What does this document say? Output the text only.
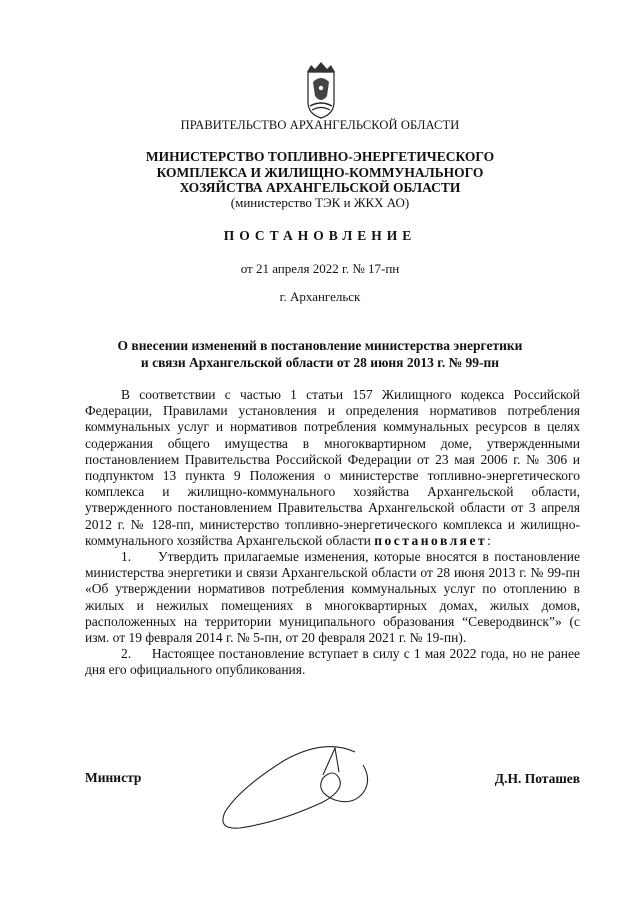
ПРАВИТЕЛЬСТВО АРХАНГЕЛЬСКОЙ ОБЛАСТИ
МИНИСТЕРСТВО ТОПЛИВНО-ЭНЕРГЕТИЧЕСКОГО
КОМПЛЕКСА И ЖИЛИЩНО-КОММУНАЛЬНОГО
ХОЗЯЙСТВА АРХАНГЕЛЬСКОЙ ОБЛАСТИ
(министерство ТЭК и ЖКХ АО)
ПОСТАНОВЛЕНИЕ
от 21 апреля 2022 г. № 17-пн
г. Архангельск
О внесении изменений в постановление министерства энергетики
и связи Архангельской области от 28 июня 2013 г. № 99-пн

В соответствии с частью 1 статьи 157 Жилищного кодекса Российской Федерации, Правилами установления и определения нормативов потребления коммунальных услуг и нормативов потребления коммунальных ресурсов в целях содержания общего имущества в многоквартирном доме, утвержденными постановлением Правительства Российской Федерации от 23 мая 2006 г. № 306 и подпунктом 13 пункта 9 Положения о министерстве топливно-энергетического комплекса и жилищно-коммунального хозяйства Архангельской области, утвержденного постановлением Правительства Архангельской области от 3 апреля 2012 г. № 128-пп, министерство топливно-энергетического комплекса и жилищно-коммунального хозяйства Архангельской области постановляет:

1.     Утвердить прилагаемые изменения, которые вносятся в постановление министерства энергетики и связи Архангельской области от 28 июня 2013 г. № 99-пн «Об утверждении нормативов потребления коммунальных услуг по отоплению в жилых и нежилых помещениях в многоквартирных домах, жилых домов, расположенных на территории муниципального образования “Северодвинск”» (с изм. от 19 февраля 2014 г. № 5-пн, от 20 февраля 2021 г. № 19-пн).

2.     Настоящее постановление вступает в силу с 1 мая 2022 года, но не ранее дня его официального опубликования.

Министр	Д.Н. Поташев
